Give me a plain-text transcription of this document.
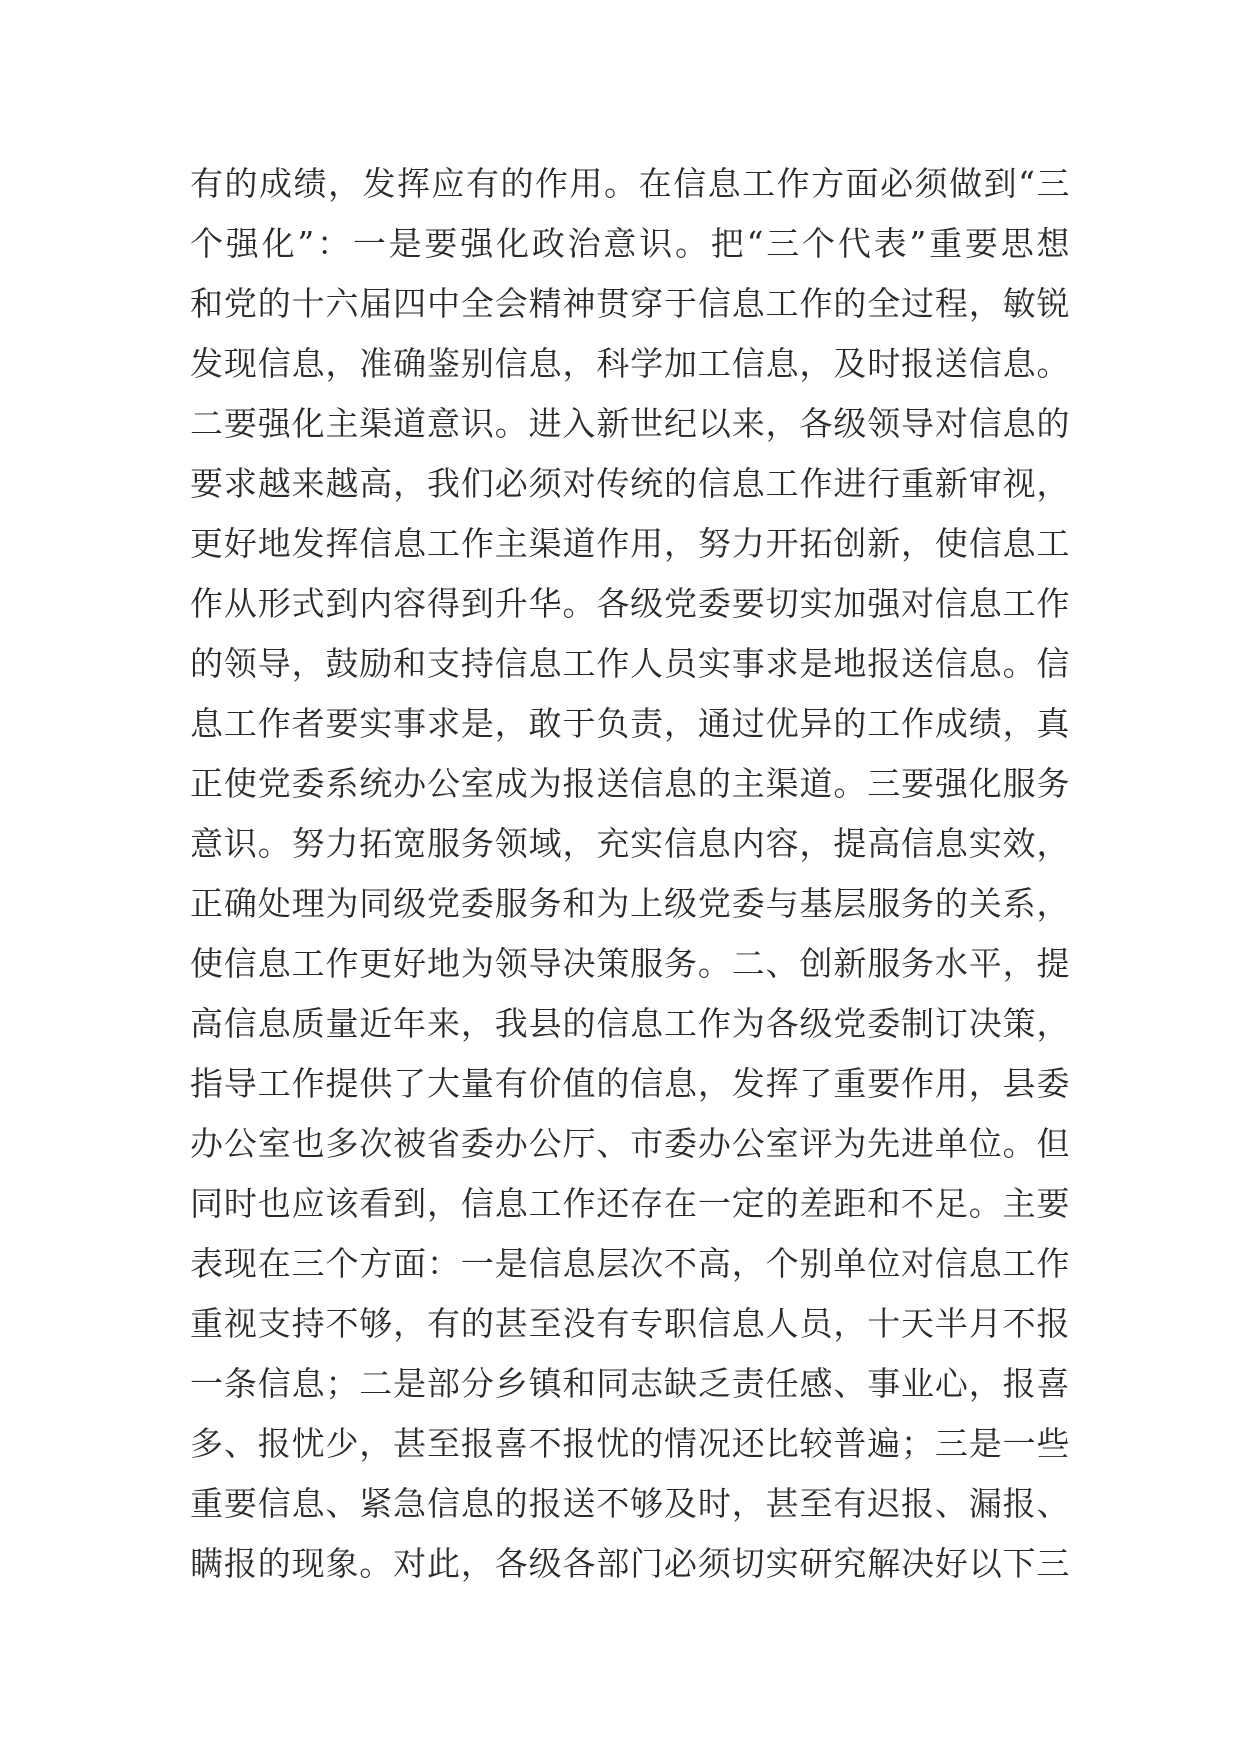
有的成绩，发挥应有的作用。在信息工作方面必须做到“三
个强化”：一是要强化政治意识。把“三个代表”重要思想
和党的十六届四中全会精神贯穿于信息工作的全过程，敏锐
发现信息，准确鉴别信息，科学加工信息，及时报送信息。
二要强化主渠道意识。进入新世纪以来，各级领导对信息的
要求越来越高，我们必须对传统的信息工作进行重新审视，
更好地发挥信息工作主渠道作用，努力开拓创新，使信息工
作从形式到内容得到升华。各级党委要切实加强对信息工作
的领导，鼓励和支持信息工作人员实事求是地报送信息。信
息工作者要实事求是，敢于负责，通过优异的工作成绩，真
正使党委系统办公室成为报送信息的主渠道。三要强化服务
意识。努力拓宽服务领域，充实信息内容，提高信息实效，
正确处理为同级党委服务和为上级党委与基层服务的关系，
使信息工作更好地为领导决策服务。二、创新服务水平，提
高信息质量近年来，我县的信息工作为各级党委制订决策，
指导工作提供了大量有价值的信息，发挥了重要作用，县委
办公室也多次被省委办公厅、市委办公室评为先进单位。但
同时也应该看到，信息工作还存在一定的差距和不足。主要
表现在三个方面：一是信息层次不高，个别单位对信息工作
重视支持不够，有的甚至没有专职信息人员，十天半月不报
一条信息；二是部分乡镇和同志缺乏责任感、事业心，报喜
多、报忧少，甚至报喜不报忧的情况还比较普遍；三是一些
重要信息、紧急信息的报送不够及时，甚至有迟报、漏报、
瞒报的现象。对此，各级各部门必须切实研究解决好以下三
